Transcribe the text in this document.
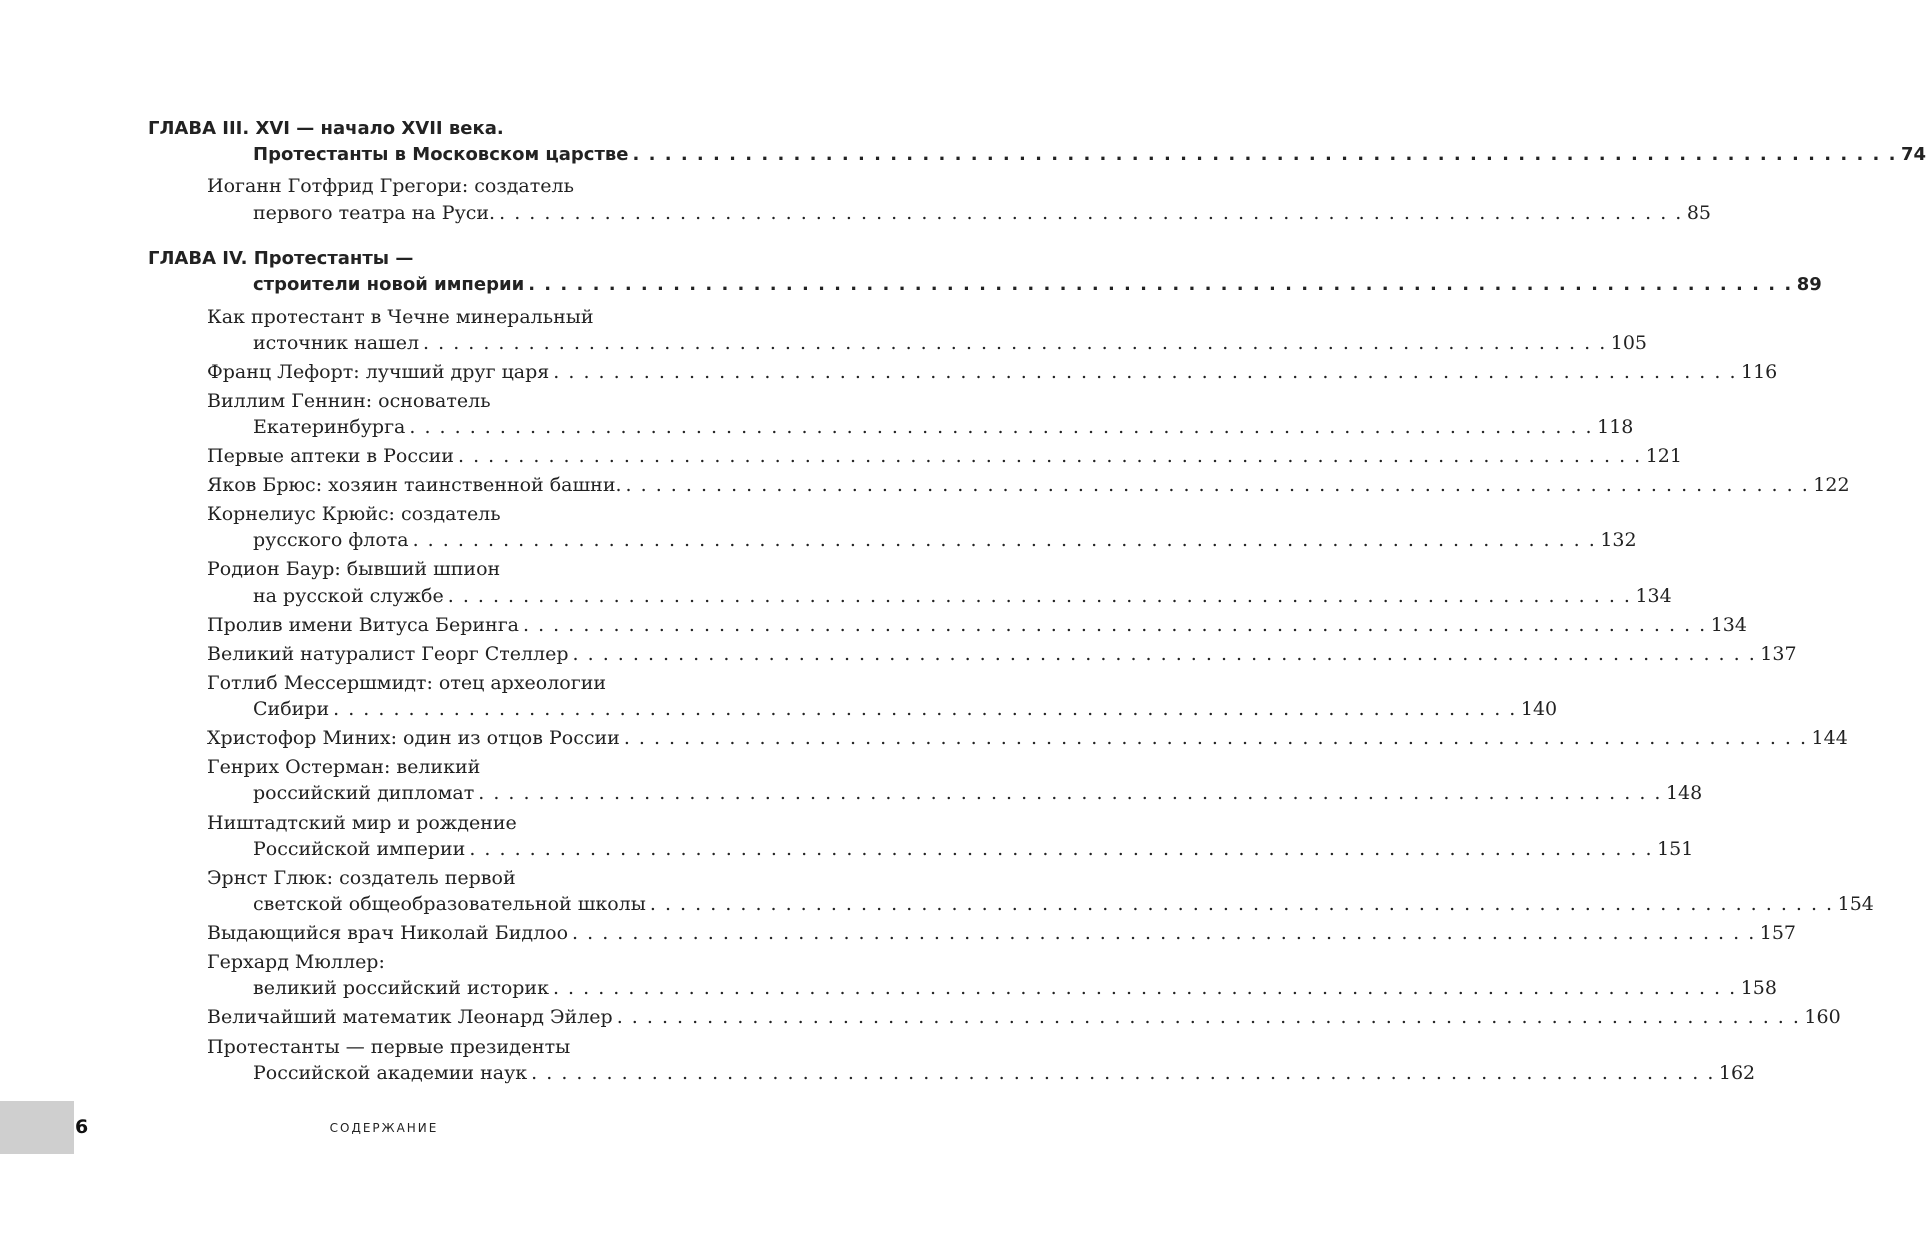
ГЛАВА III. XVI — начало XVII века.
Протестанты в Московском царстве . . .	74
Иоганн Готфрид Грегори: создатель
первого театра на Руси. . . .	85
ГЛАВА IV. Протестанты —
строители новой империи . . .	89
Как протестант в Чечне минеральный
источник нашел . . .	105
Франц Лефорт: лучший друг царя . . .	116
Виллим Геннин: основатель
Екатеринбурга . . .	118
Первые аптеки в России . . .	121
Яков Брюс: хозяин таинственной башни. . . .	122
Корнелиус Крюйс: создатель
русского флота . . .	132
Родион Баур: бывший шпион
на русской службе . . .	134
Пролив имени Витуса Беринга . . .	134
Великий натуралист Георг Стеллер . . .	137
Готлиб Мессершмидт: отец археологии
Сибири . . .	140
Христофор Миних: один из отцов России . . .	144
Генрих Остерман: великий
российский дипломат . . .	148
Ништадтский мир и рождение
Российской империи . . .	151
Эрнст Глюк: создатель первой
светской общеобразовательной школы . . .	154
Выдающийся врач Николай Бидлоо . . .	157
Герхард Мюллер:
великий российский историк . . .	158
Величайший математик Леонард Эйлер . . .	160
Протестанты — первые президенты
Российской академии наук . . .	162
6	СОДЕРЖАНИЕ
